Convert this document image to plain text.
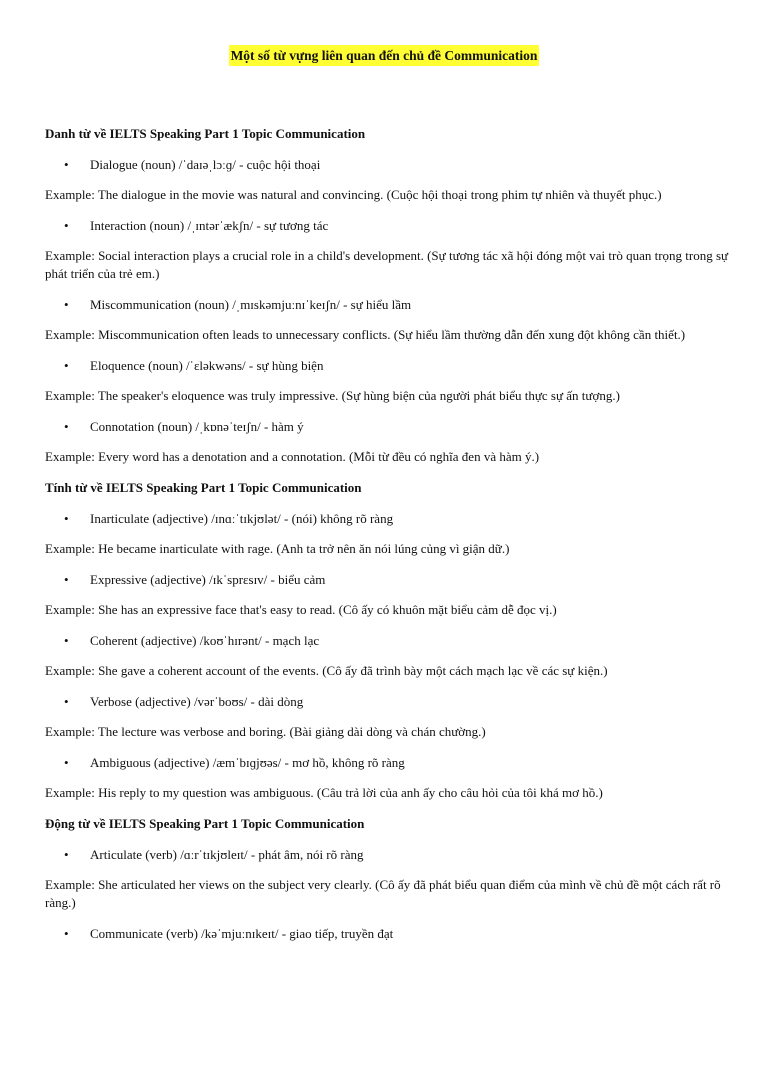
Một số từ vựng liên quan đến chủ đề Communication
Danh từ về IELTS Speaking Part 1 Topic Communication
• Dialogue (noun) /ˈdaɪəˌlɔːɡ/ - cuộc hội thoại
Example: The dialogue in the movie was natural and convincing. (Cuộc hội thoại trong phim tự nhiên và thuyết phục.)
• Interaction (noun) /ˌɪntərˈækʃn/ - sự tương tác
Example: Social interaction plays a crucial role in a child's development. (Sự tương tác xã hội đóng một vai trò quan trọng trong sự phát triển của trẻ em.)
• Miscommunication (noun) /ˌmɪskəmjuːnɪˈkeɪʃn/ - sự hiểu lầm
Example: Miscommunication often leads to unnecessary conflicts. (Sự hiểu lầm thường dẫn đến xung đột không cần thiết.)
• Eloquence (noun) /ˈɛləkwəns/ - sự hùng biện
Example: The speaker's eloquence was truly impressive. (Sự hùng biện của người phát biểu thực sự ấn tượng.)
• Connotation (noun) /ˌkɒnəˈteɪʃn/ - hàm ý
Example: Every word has a denotation and a connotation. (Mỗi từ đều có nghĩa đen và hàm ý.)
Tính từ về IELTS Speaking Part 1 Topic Communication
• Inarticulate (adjective) /ɪnɑːˈtɪkjʊlət/ - (nói) không rõ ràng
Example: He became inarticulate with rage. (Anh ta trở nên ăn nói lúng củng vì giận dữ.)
• Expressive (adjective) /ɪkˈsprɛsɪv/ - biểu cảm
Example: She has an expressive face that's easy to read. (Cô ấy có khuôn mặt biểu cảm dễ đọc vị.)
• Coherent (adjective) /koʊˈhɪrənt/ - mạch lạc
Example: She gave a coherent account of the events. (Cô ấy đã trình bày một cách mạch lạc về các sự kiện.)
• Verbose (adjective) /vərˈboʊs/ - dài dòng
Example: The lecture was verbose and boring. (Bài giảng dài dòng và chán chường.)
• Ambiguous (adjective) /æmˈbɪɡjʊəs/ - mơ hồ, không rõ ràng
Example: His reply to my question was ambiguous. (Câu trả lời của anh ấy cho câu hỏi của tôi khá mơ hồ.)
Động từ về IELTS Speaking Part 1 Topic Communication
• Articulate (verb) /ɑːrˈtɪkjʊleɪt/ - phát âm, nói rõ ràng
Example: She articulated her views on the subject very clearly. (Cô ấy đã phát biểu quan điểm của mình về chủ đề một cách rất rõ ràng.)
• Communicate (verb) /kəˈmjuːnɪkeɪt/ - giao tiếp, truyền đạt
